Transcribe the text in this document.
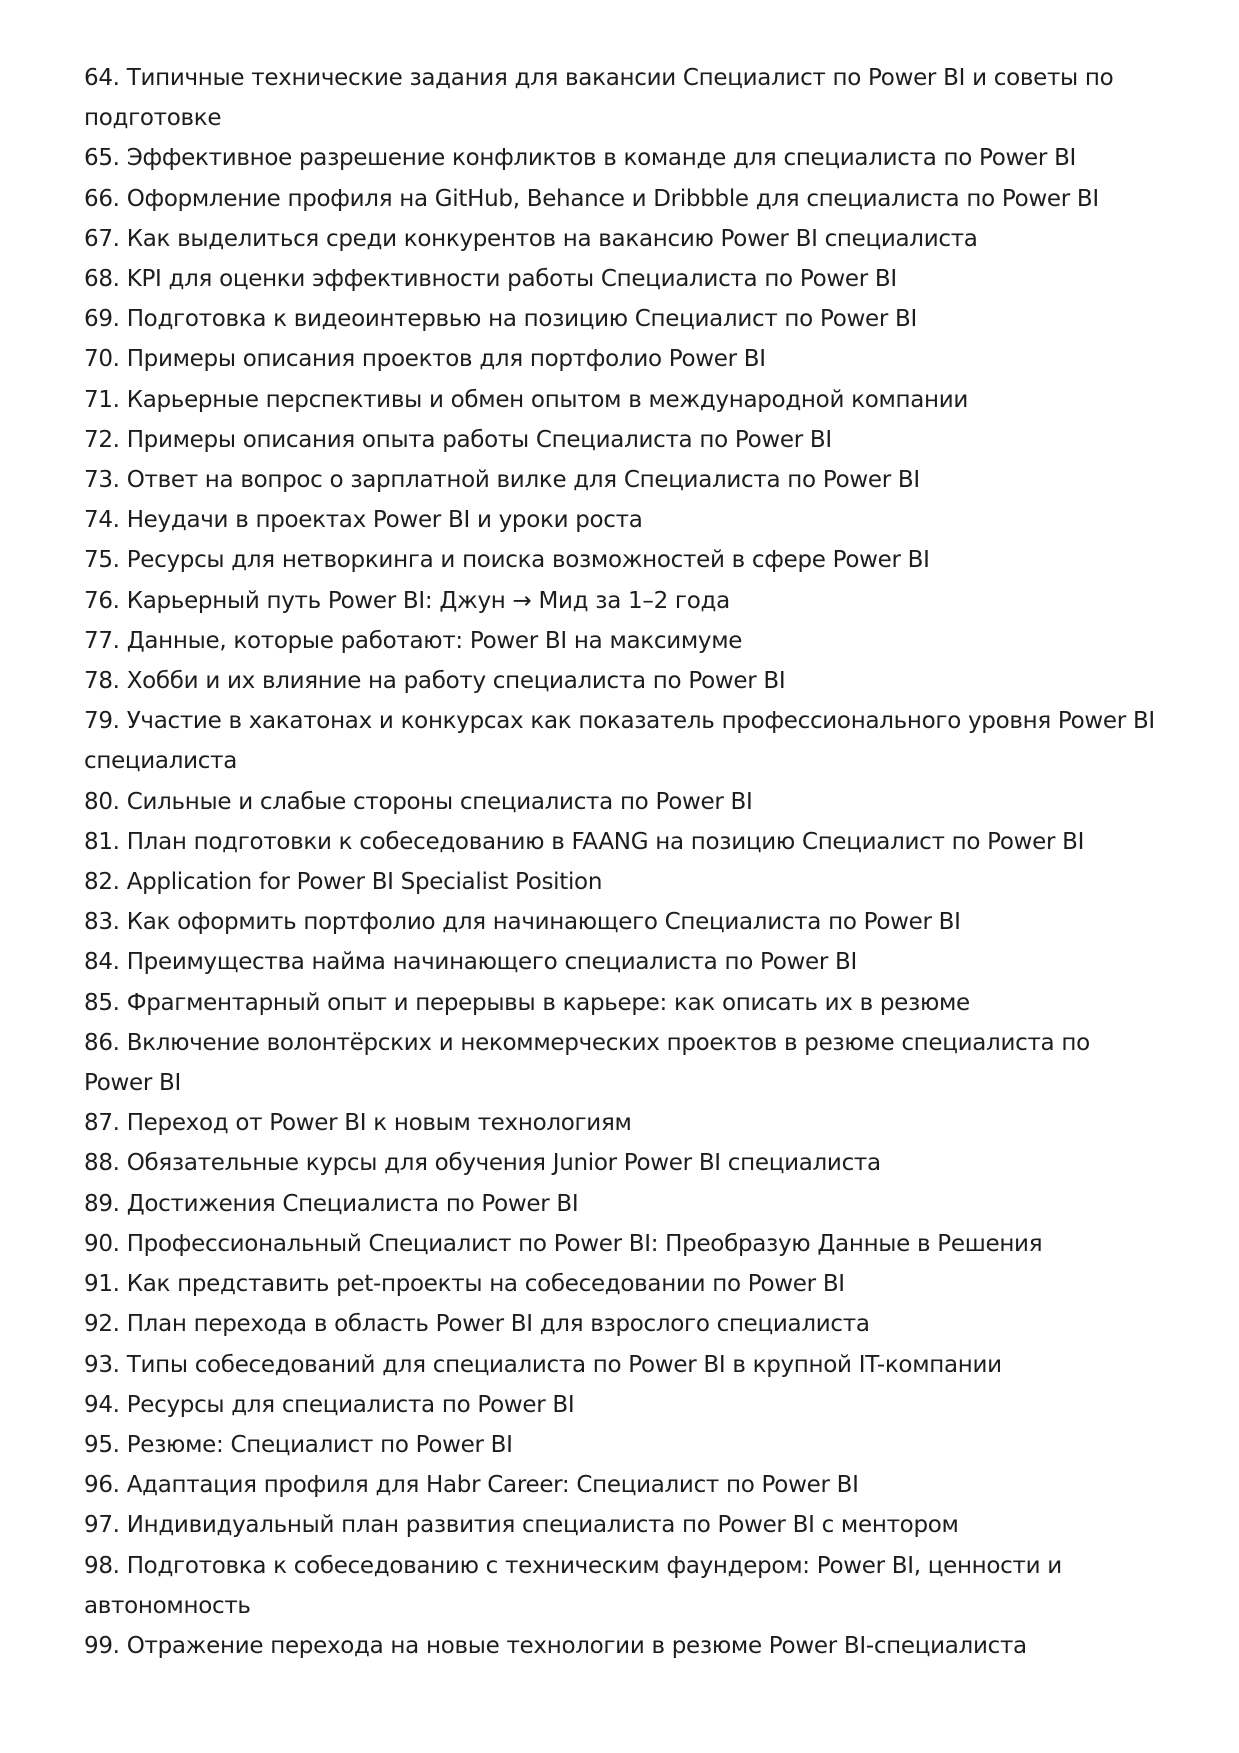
64. Типичные технические задания для вакансии Специалист по Power BI и советы по подготовке
65. Эффективное разрешение конфликтов в команде для специалиста по Power BI
66. Оформление профиля на GitHub, Behance и Dribbble для специалиста по Power BI
67. Как выделиться среди конкурентов на вакансию Power BI специалиста
68. KPI для оценки эффективности работы Специалиста по Power BI
69. Подготовка к видеоинтервью на позицию Специалист по Power BI
70. Примеры описания проектов для портфолио Power BI
71. Карьерные перспективы и обмен опытом в международной компании
72. Примеры описания опыта работы Специалиста по Power BI
73. Ответ на вопрос о зарплатной вилке для Специалиста по Power BI
74. Неудачи в проектах Power BI и уроки роста
75. Ресурсы для нетворкинга и поиска возможностей в сфере Power BI
76. Карьерный путь Power BI: Джун → Мид за 1–2 года
77. Данные, которые работают: Power BI на максимуме
78. Хобби и их влияние на работу специалиста по Power BI
79. Участие в хакатонах и конкурсах как показатель профессионального уровня Power BI специалиста
80. Сильные и слабые стороны специалиста по Power BI
81. План подготовки к собеседованию в FAANG на позицию Специалист по Power BI
82. Application for Power BI Specialist Position
83. Как оформить портфолио для начинающего Специалиста по Power BI
84. Преимущества найма начинающего специалиста по Power BI
85. Фрагментарный опыт и перерывы в карьере: как описать их в резюме
86. Включение волонтёрских и некоммерческих проектов в резюме специалиста по Power BI
87. Переход от Power BI к новым технологиям
88. Обязательные курсы для обучения Junior Power BI специалиста
89. Достижения Специалиста по Power BI
90. Профессиональный Специалист по Power BI: Преобразую Данные в Решения
91. Как представить pet-проекты на собеседовании по Power BI
92. План перехода в область Power BI для взрослого специалиста
93. Типы собеседований для специалиста по Power BI в крупной IT-компании
94. Ресурсы для специалиста по Power BI
95. Резюме: Специалист по Power BI
96. Адаптация профиля для Habr Career: Специалист по Power BI
97. Индивидуальный план развития специалиста по Power BI с ментором
98. Подготовка к собеседованию с техническим фаундером: Power BI, ценности и автономность
99. Отражение перехода на новые технологии в резюме Power BI-специалиста
